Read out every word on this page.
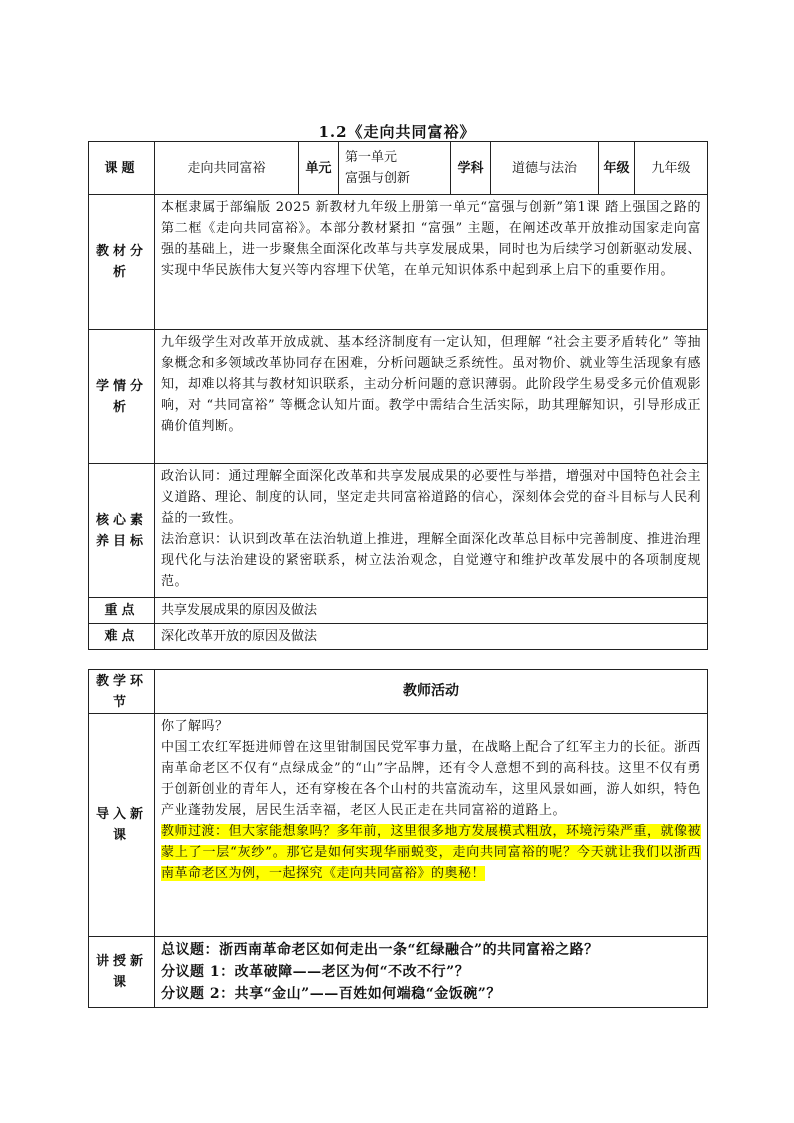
1.2《走向共同富裕》
课题	走向共同富裕	单元	第一单元
富强与创新	学科	道德与法治	年级	九年级
教材分析	本框隶属于部编版 2025 新教材九年级上册第一单元“富强与创新”第1课 踏上强国之路的第二框《走向共同富裕》。本部分教材紧扣 “富强” 主题，在阐述改革开放推动国家走向富强的基础上，进一步聚焦全面深化改革与共享发展成果，同时也为后续学习创新驱动发展、实现中华民族伟大复兴等内容埋下伏笔，在单元知识体系中起到承上启下的重要作用。						
学情分析	九年级学生对改革开放成就、基本经济制度有一定认知，但理解 “社会主要矛盾转化” 等抽象概念和多领域改革协同存在困难，分析问题缺乏系统性。虽对物价、就业等生活现象有感知，却难以将其与教材知识联系，主动分析问题的意识薄弱。此阶段学生易受多元价值观影响，对 “共同富裕” 等概念认知片面。教学中需结合生活实际，助其理解知识，引导形成正确价值判断。						
核心素养目标	政治认同：通过理解全面深化改革和共享发展成果的必要性与举措，增强对中国特色社会主义道路、理论、制度的认同，坚定走共同富裕道路的信心，深刻体会党的奋斗目标与人民利益的一致性。
法治意识：认识到改革在法治轨道上推进，理解全面深化改革总目标中完善制度、推进治理现代化与法治建设的紧密联系，树立法治观念，自觉遵守和维护改革发展中的各项制度规范。						

重点	共享发展成果的原因及做法						
难点	深化改革开放的原因及做法						
教学环节	教师活动
导入新课	你了解吗？
中国工农红军挺进师曾在这里钳制国民党军事力量，在战略上配合了红军主力的长征。浙西南革命老区不仅有“点绿成金”的“山”字品牌，还有令人意想不到的高科技。这里不仅有勇于创新创业的青年人，还有穿梭在各个山村的共富流动车，这里风景如画，游人如织，特色产业蓬勃发展，居民生活幸福，老区人民正走在共同富裕的道路上。
教师过渡：但大家能想象吗？多年前，这里很多地方发展模式粗放，环境污染严重，就像被蒙上了一层“灰纱”。那它是如何实现华丽蜕变，走向共同富裕的呢？今天就让我们以浙西南革命老区为例，一起探究《走向共同富裕》的奥秘！

讲授新课	总议题：浙西南革命老区如何走出一条“红绿融合”的共同富裕之路？
分议题 1：改革破障——老区为何“不改不行”？
分议题 2：共享“金山”——百姓如何端稳“金饭碗”？
